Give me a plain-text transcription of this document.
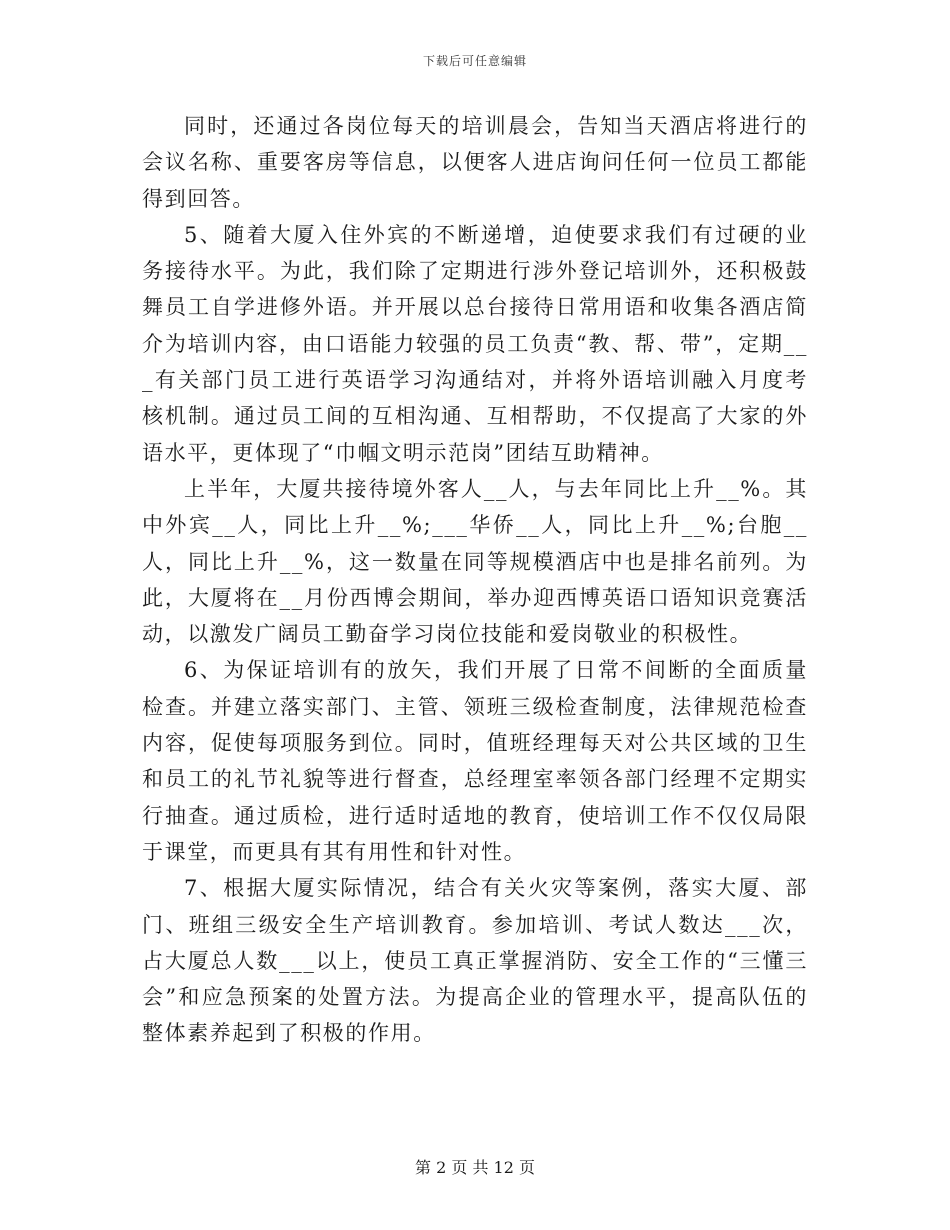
下载后可任意编辑

同时，还通过各岗位每天的培训晨会，告知当天酒店将进行的会议名称、重要客房等信息，以便客人进店询问任何一位员工都能得到回答。

5、随着大厦入住外宾的不断递增，迫使要求我们有过硬的业务接待水平。为此，我们除了定期进行涉外登记培训外，还积极鼓舞员工自学进修外语。并开展以总台接待日常用语和收集各酒店简介为培训内容，由口语能力较强的员工负责“教、帮、带”，定期___有关部门员工进行英语学习沟通结对，并将外语培训融入月度考核机制。通过员工间的互相沟通、互相帮助，不仅提高了大家的外语水平，更体现了“巾帼文明示范岗”团结互助精神。

上半年，大厦共接待境外客人__人，与去年同比上升__%。其中外宾__人，同比上升__%;___华侨__人，同比上升__%;台胞__人，同比上升__%，这一数量在同等规模酒店中也是排名前列。为此，大厦将在__月份西博会期间，举办迎西博英语口语知识竞赛活动，以激发广阔员工勤奋学习岗位技能和爱岗敬业的积极性。

6、为保证培训有的放矢，我们开展了日常不间断的全面质量检查。并建立落实部门、主管、领班三级检查制度，法律规范检查内容，促使每项服务到位。同时，值班经理每天对公共区域的卫生和员工的礼节礼貌等进行督查，总经理室率领各部门经理不定期实行抽查。通过质检，进行适时适地的教育，使培训工作不仅仅局限于课堂，而更具有其有用性和针对性。

7、根据大厦实际情况，结合有关火灾等案例，落实大厦、部门、班组三级安全生产培训教育。参加培训、考试人数达___次，占大厦总人数___以上，使员工真正掌握消防、安全工作的“三懂三会”和应急预案的处置方法。为提高企业的管理水平，提高队伍的整体素养起到了积极的作用。

第 2 页 共 12 页
